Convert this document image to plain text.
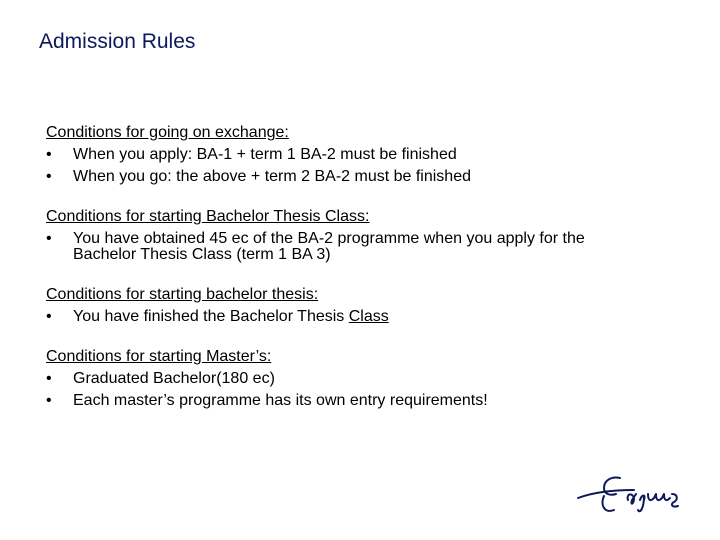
Admission Rules
Conditions for going on exchange:
•	When you apply: BA-1 + term 1 BA-2 must be finished
•	When you go: the above + term 2 BA-2 must be finished
Conditions for starting Bachelor Thesis Class:
•	You have obtained 45 ec of the BA-2 programme when you apply for the Bachelor Thesis Class (term 1 BA 3)
Conditions for starting bachelor thesis:
•	You have finished the Bachelor Thesis Class
Conditions for starting Master’s:
•	Graduated Bachelor(180 ec)
•	Each master’s programme has its own entry requirements!
